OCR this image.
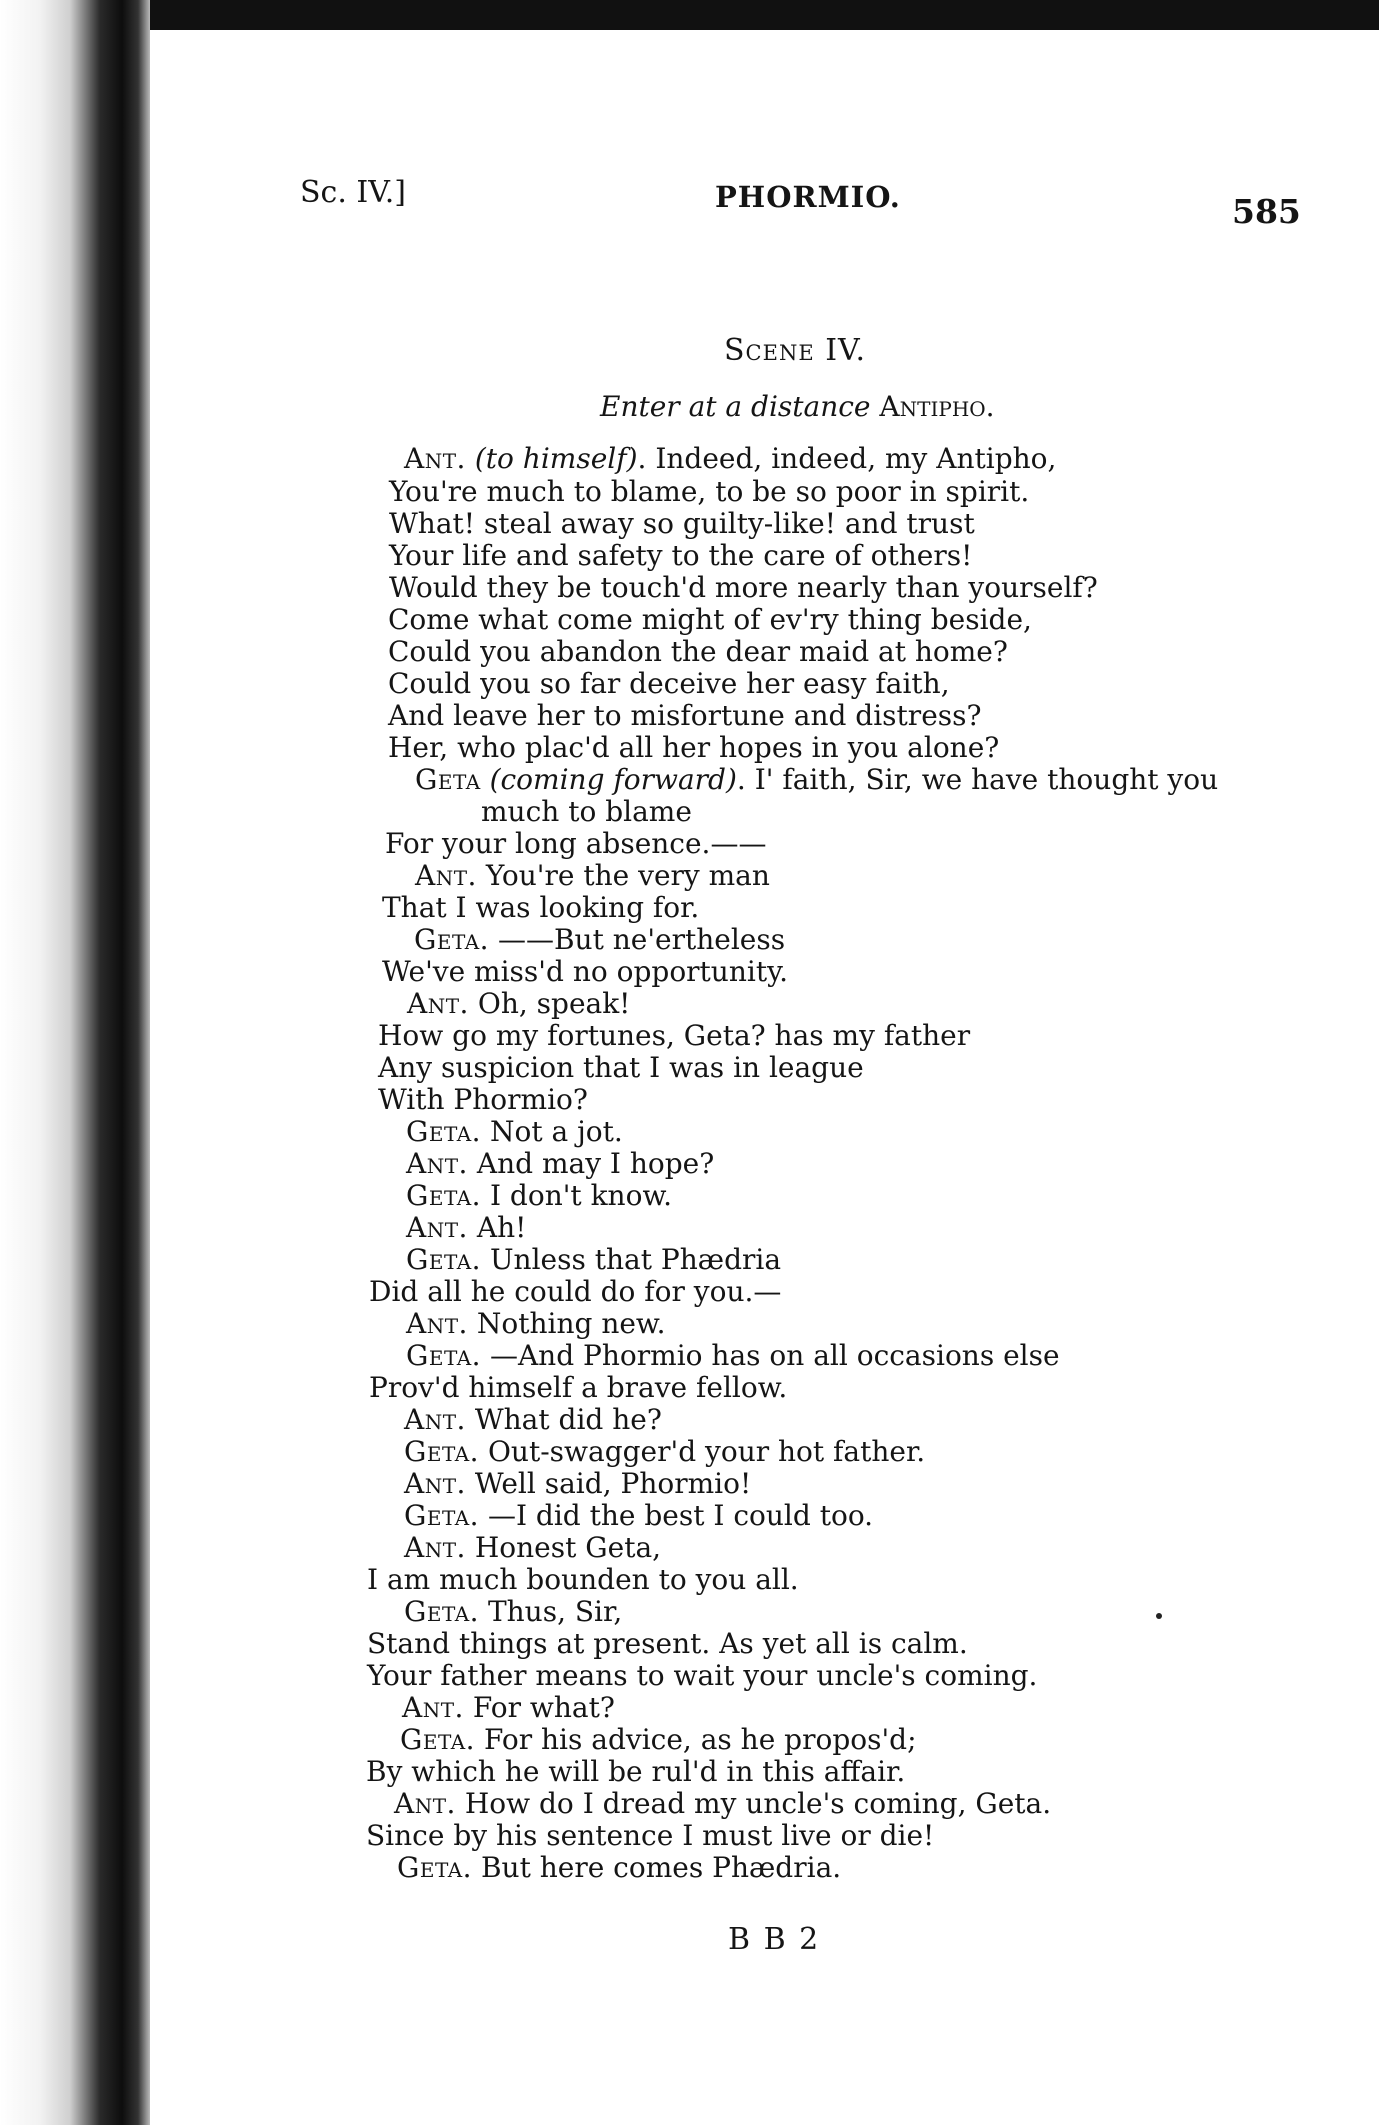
Sc. IV.]	PHORMIO.	585
Scene IV.
Enter at a distance Antipho.
Ant. (to himself). Indeed, indeed, my Antipho,
You're much to blame, to be so poor in spirit.
What! steal away so guilty-like! and trust
Your life and safety to the care of others!
Would they be touch'd more nearly than yourself?
Come what come might of ev'ry thing beside,
Could you abandon the dear maid at home?
Could you so far deceive her easy faith,
And leave her to misfortune and distress?
Her, who plac'd all her hopes in you alone?
Geta (coming forward). I' faith, Sir, we have thought you
much to blame
For your long absence.——
Ant. You're the very man
That I was looking for.
Geta. ——But ne'ertheless
We've miss'd no opportunity.
Ant. Oh, speak!
How go my fortunes, Geta? has my father
Any suspicion that I was in league
With Phormio?
Geta. Not a jot.
Ant. And may I hope?
Geta. I don't know.
Ant. Ah!
Geta. Unless that Phædria
Did all he could do for you.—
Ant. Nothing new.
Geta. —And Phormio has on all occasions else
Prov'd himself a brave fellow.
Ant. What did he?
Geta. Out-swagger'd your hot father.
Ant. Well said, Phormio!
Geta. —I did the best I could too.
Ant. Honest Geta,
I am much bounden to you all.
Geta. Thus, Sir,
Stand things at present. As yet all is calm.
Your father means to wait your uncle's coming.
Ant. For what?
Geta. For his advice, as he propos'd;
By which he will be rul'd in this affair.
Ant. How do I dread my uncle's coming, Geta.
Since by his sentence I must live or die!
Geta. But here comes Phædria.
B B 2
